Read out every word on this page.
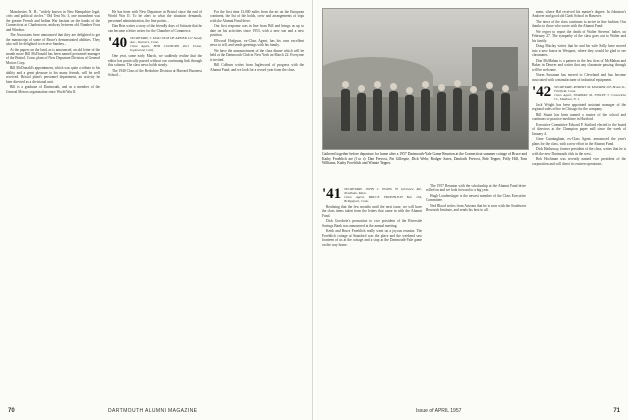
Manchester, N. H., "widely known in New Hampshire legal, civic and political circles." Old Tent No. 3, one incumbent was the greater French and Indian War bastion on the banks of the Connecticut at Charlestown, midway between old Number Four and Windsor.

The Associates have announced that they are delighted to get the manuscript of some of Bruce's demonstrated abilities. They also will be delighted to receive Sanders...

At the papers on the land, as is announced, an old letter of the month more Bill McDonald has been named personnel manager of the Bristol, Conn. plant of New Departure Division of General Motors Corp.

Bill McDonald's appointment, which was quite a tribute to his ability and a great pleasure to his many friends, will be well received. Bristol plant's personnel department, an activity he later directed as a divisional unit.

Bill is a graduate of Dartmouth, and as a member of the General Motors organization since World War II.

He has been with New Departure in Bristol since the end of World War II. To be alert to what the situation demands, personnel administration, the fine points...

Dan Brin writes a story of the friendly days of Scituate that he can become a letter writer for the Chamber of Commerce.

'40 SECRETARY, J. MALCOLM DE ARTIER 127 Sandy Ave., Danvers, Conn.
Class Agent, BOB COLBURN 4611 Union, Inglewood, Calif.

One year, some early March, we suddenly realize that the editor has practically passed without our continuing link through this column. The class news holds steady.

The 1940 Class of the Berkshire Division at Harvard Business School...

For the first time 13,000 miles from the air on the European continent, the list of the holds, crew and arrangements of trips with the Alumni Fund drive.

Our first response was in line from Bill and brings us up to date on his activities since 1953, with a new son and a new position.

Ellwood Hodgson, ex-Class Agent, has his own excellent news to tell, and sends greetings with his family.

We have the announcement of the class dinner which will be held at the Dartmouth Club in New York on March 22. Everyone is invited.

Bill Colburn writes from Inglewood of progress with the Alumni Fund, and we look for a record year from the class.

70	DARTMOUTH ALUMNI MAGAZINE
Gathered together before departure for home after a 1957 Dartmouth-Yale Game Reunion at the Connecticut summer cottage of Bruce and Kathy Froehlich are (l to r): Dan Prevost, Pat Gillespie, Dick Wehr, Rodger Jones, Danforth Prevost, Bob Tepper, Polly Hill, Tom Williams, Kathy Froehlich and Winnie Tepper.
'41 SECRETARY, JOHN J. EVANS 70 Glenview Rd., Needham, Mass.
Class Agent, BRUCE FROEHLICH Box 104, Bridgeport, Conn.

Realizing that the few months until the next issue, we will have the class items taken from the letters that came in with the Alumni Fund.

Dick Goodwin's promotion to vice president of the Riverside Savings Bank was announced at the annual meeting.

Keith and Bruce Froehlich really went on a joyous reunion. The Froehlich cottage at Stamford was the place and the weekend saw fourteen of us at the cottage and a stop at the Dartmouth-Yale game on the way home.

The 1957 Reunion with the scholarship at the Alumni Fund drive rolled on and we look forward to a big year.

Hugh Loudenslager is the newest member of the Class Executive Committee.

Ned Blood writes from Arizona that he is now with the Southwest Research Institute, and sends his best to all.

ment, where Hal received his master's degree. In Johnston's Andover and good old Clark School in Hanover.

The news of the class continues to arrive in fine fashion. Our thanks to those who wrote with the Alumni Fund.

We regret to report the death of Walter Stevens' father, on February 27. The sympathy of the class goes out to Walter and his family.

Doug Maclay writes that he and his wife Sally have moved into a new house in Westport, where they would be glad to see classmates.

Don McMahan is a partner in the law firm of McMahan and Baker in Denver and writes that any classmate passing through will be welcome.

Norm Sussman has moved to Cleveland and has become associated with a manufacturer of industrial equipment.

'42 SECRETARY, ROBERT M. MAURER 295 Brook St., Fairfield, Conn.
Class Agent, NORMAN M. FINLEY 5 Crosswicks Ct., Madison, N. J.

Jack Wright has been appointed assistant manager of the regional sales office in Chicago for the company.

Bill Stuart has been named a trustee of the school and continues to practice medicine in Hartford.

Executive Committee Edward P. Staffard elected to the board of directors at the Champion paper mill since the week of January 4.

Gene Cunningham, ex-Class Agent, announced the year's plans for the class, with a new effort in the Alumni Fund.

Dick Hathaway, former president of the class, writes that he is with the new Dartmouth club in the west.

Bob Hochman was recently named vice president of the corporation and will direct its eastern operations.

Issue of APRIL 1957	71
